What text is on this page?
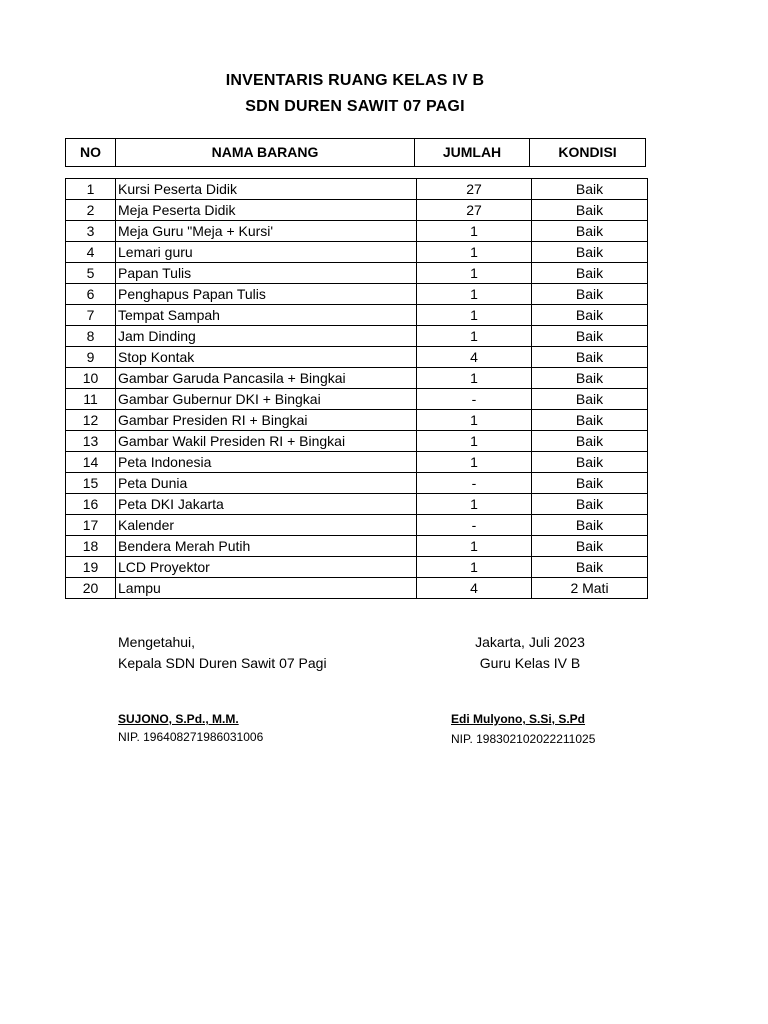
INVENTARIS RUANG KELAS IV B
SDN DUREN SAWIT 07 PAGI
NO	NAMA BARANG	JUMLAH	KONDISI
1	Kursi Peserta Didik	27	Baik
2	Meja Peserta Didik	27	Baik
3	Meja Guru "Meja + Kursi'	1	Baik
4	Lemari guru	1	Baik
5	Papan Tulis	1	Baik
6	Penghapus Papan Tulis	1	Baik
7	Tempat Sampah	1	Baik
8	Jam Dinding	1	Baik
9	Stop Kontak	4	Baik
10	Gambar Garuda Pancasila + Bingkai	1	Baik
11	Gambar Gubernur DKI + Bingkai	-	Baik
12	Gambar Presiden RI + Bingkai	1	Baik
13	Gambar Wakil Presiden RI + Bingkai	1	Baik
14	Peta Indonesia	1	Baik
15	Peta Dunia	-	Baik
16	Peta DKI Jakarta	1	Baik
17	Kalender	-	Baik
18	Bendera Merah Putih	1	Baik
19	LCD Proyektor	1	Baik
20	Lampu	4	2 Mati
Mengetahui,
Kepala SDN Duren Sawit 07 Pagi
SUJONO, S.Pd., M.M.
NIP. 196408271986031006
Jakarta, Juli 2023
Guru Kelas IV B
Edi Mulyono, S.Si, S.Pd
NIP. 198302102022211025
